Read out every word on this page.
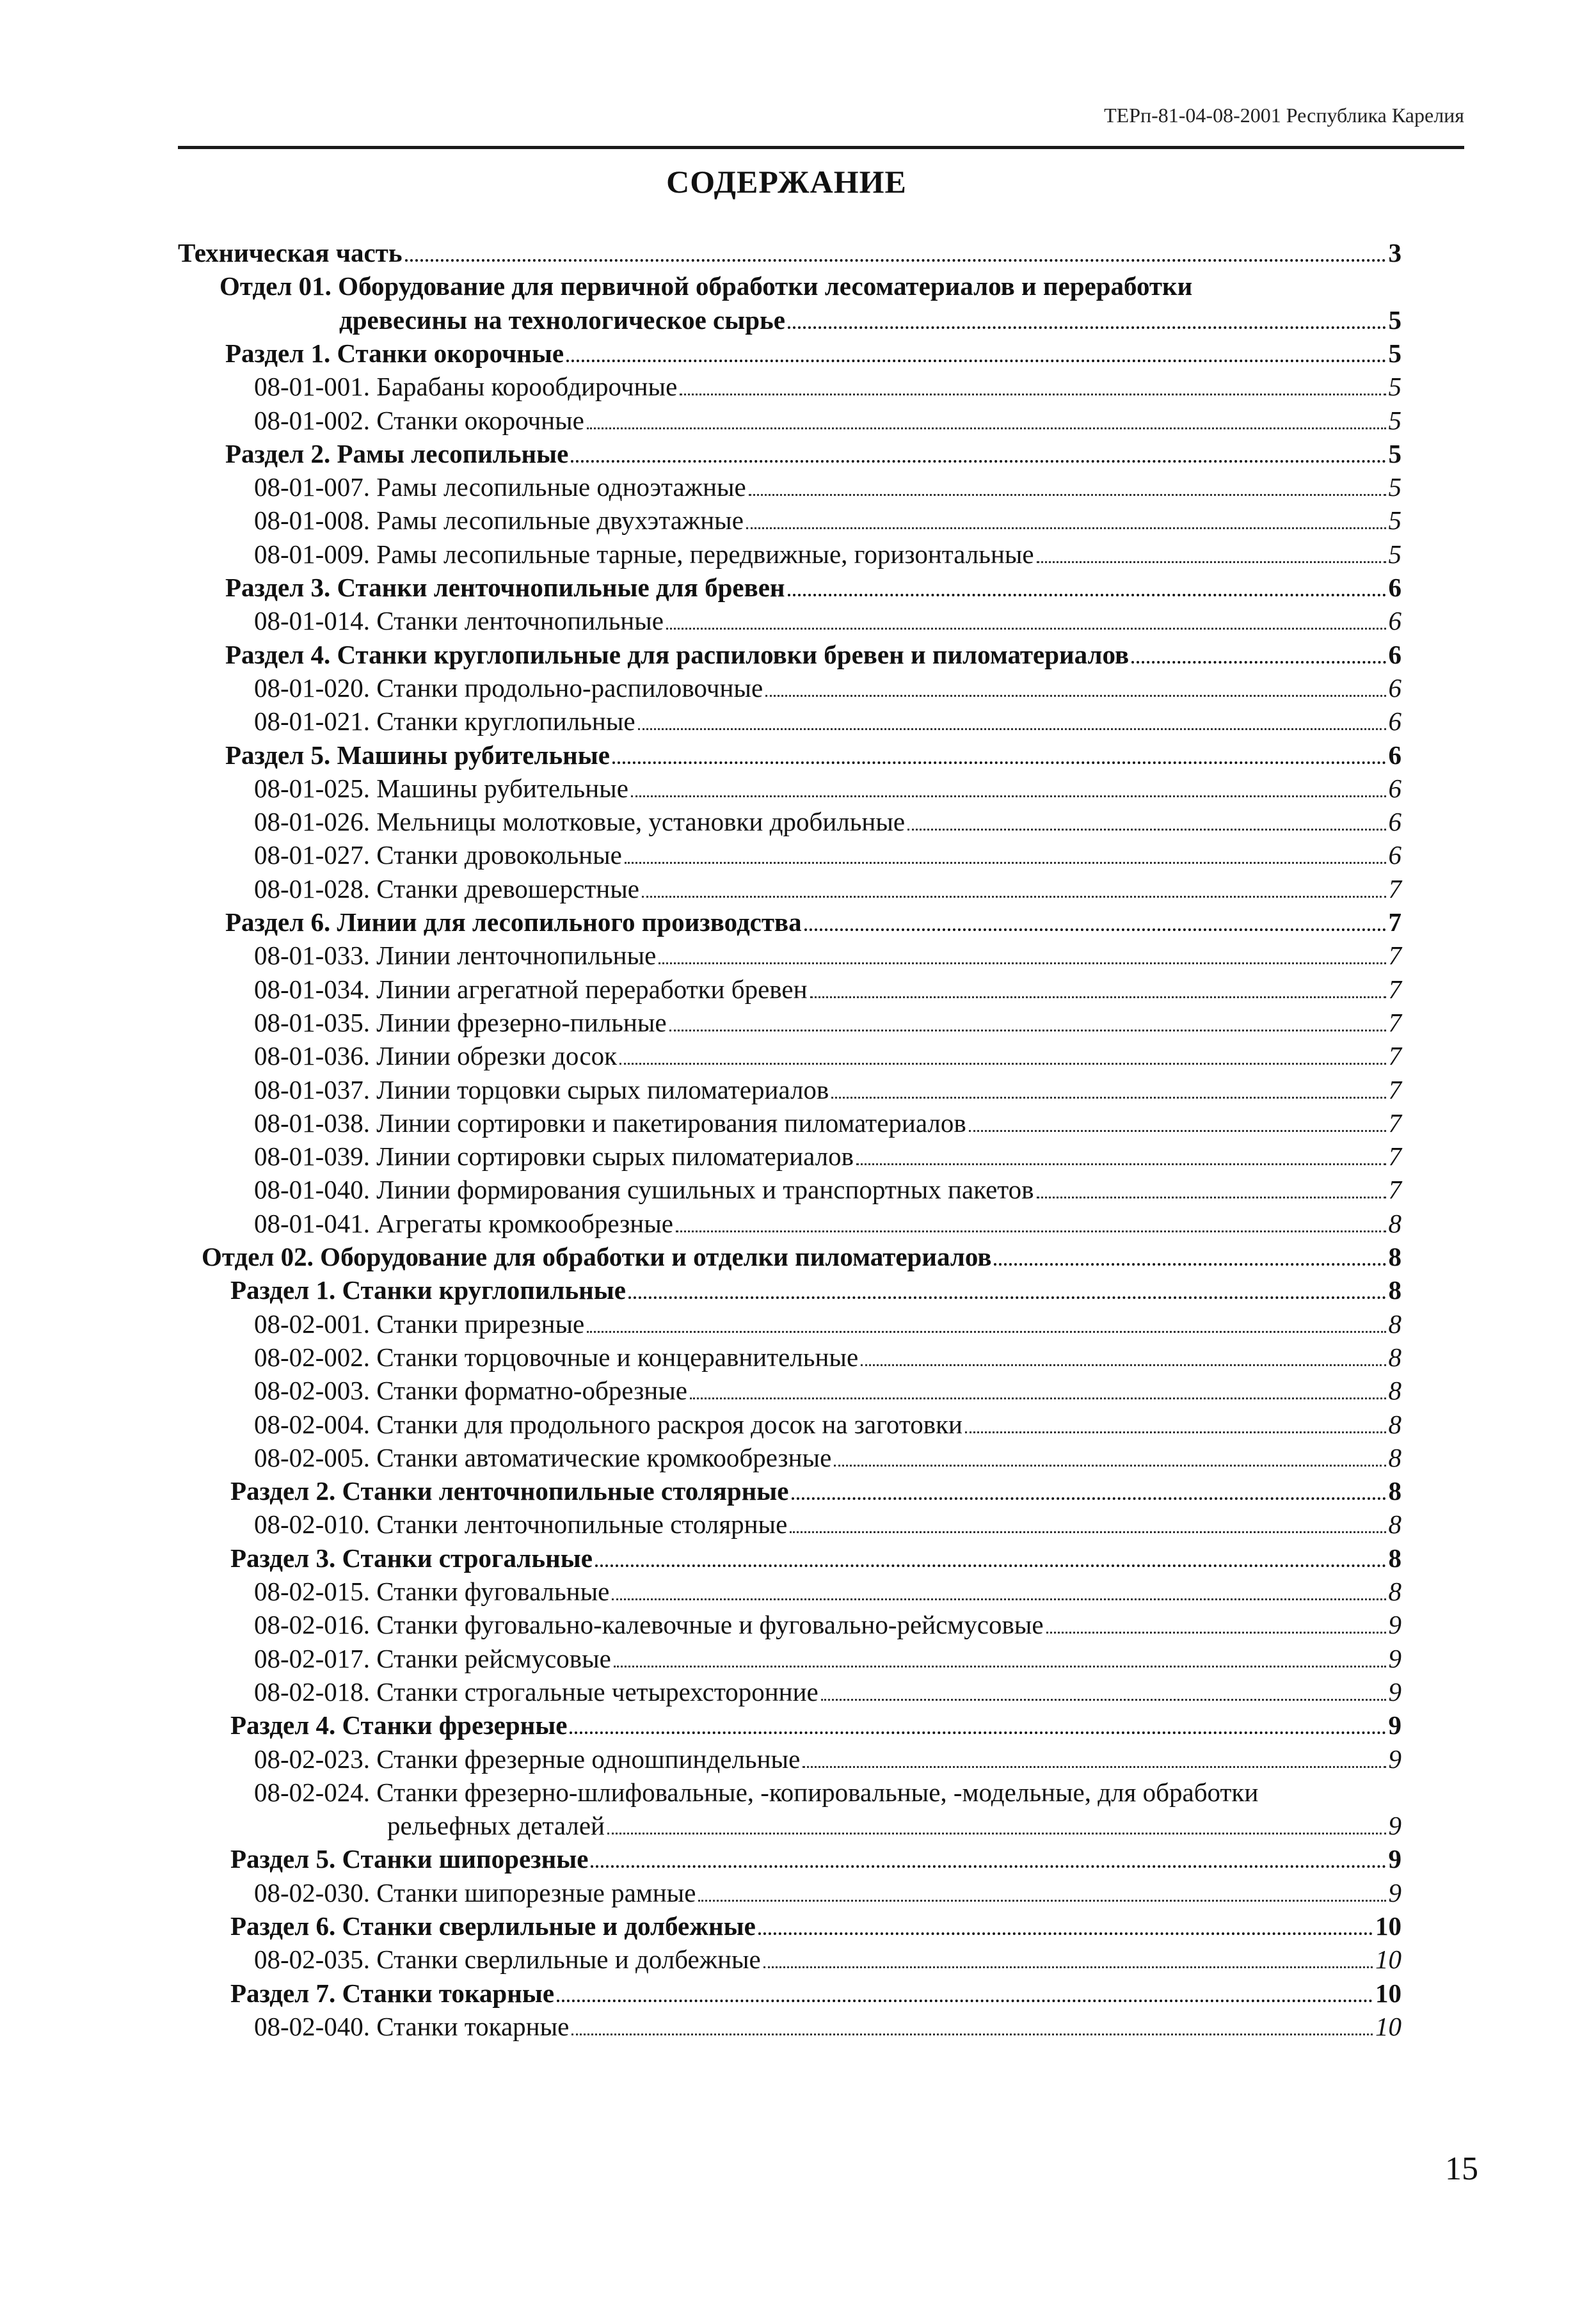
ТЕРп-81-04-08-2001 Республика Карелия
СОДЕРЖАНИЕ
Техническая часть	3
Отдел 01. Оборудование для первичной обработки лесоматериалов и переработки
древесины на технологическое сырье	5
Раздел 1. Станки окорочные	5
08-01-001. Барабаны корообдирочные	5
08-01-002. Станки окорочные	5
Раздел 2. Рамы лесопильные	5
08-01-007. Рамы лесопильные одноэтажные	5
08-01-008. Рамы лесопильные двухэтажные	5
08-01-009. Рамы лесопильные тарные, передвижные, горизонтальные	5
Раздел 3. Станки ленточнопильные для бревен	6
08-01-014. Станки ленточнопильные	6
Раздел 4. Станки круглопильные для распиловки бревен и пиломатериалов	6
08-01-020. Станки продольно-распиловочные	6
08-01-021. Станки круглопильные	6
Раздел 5. Машины рубительные	6
08-01-025. Машины рубительные	6
08-01-026. Мельницы молотковые, установки дробильные	6
08-01-027. Станки дровокольные	6
08-01-028. Станки древошерстные	7
Раздел 6. Линии для лесопильного производства	7
08-01-033. Линии ленточнопильные	7
08-01-034. Линии агрегатной переработки бревен	7
08-01-035. Линии фрезерно-пильные	7
08-01-036. Линии обрезки досок	7
08-01-037. Линии торцовки сырых пиломатериалов	7
08-01-038. Линии сортировки и пакетирования пиломатериалов	7
08-01-039. Линии сортировки сырых пиломатериалов	7
08-01-040. Линии формирования сушильных и транспортных пакетов	7
08-01-041. Агрегаты кромкообрезные	8
Отдел 02. Оборудование для обработки и отделки пиломатериалов	8
Раздел 1. Станки круглопильные	8
08-02-001. Станки прирезные	8
08-02-002. Станки торцовочные и концеравнительные	8
08-02-003. Станки форматно-обрезные	8
08-02-004. Станки для продольного раскроя досок на заготовки	8
08-02-005. Станки автоматические кромкообрезные	8
Раздел 2. Станки ленточнопильные столярные	8
08-02-010. Станки ленточнопильные столярные	8
Раздел 3. Станки строгальные	8
08-02-015. Станки фуговальные	8
08-02-016. Станки фуговально-калевочные и фуговально-рейсмусовые	9
08-02-017. Станки рейсмусовые	9
08-02-018. Станки строгальные четырехсторонние	9
Раздел 4. Станки фрезерные	9
08-02-023. Станки фрезерные одношпиндельные	9
08-02-024. Станки фрезерно-шлифовальные, -копировальные, -модельные, для обработки
рельефных деталей	9
Раздел 5. Станки шипорезные	9
08-02-030. Станки шипорезные рамные	9
Раздел 6. Станки сверлильные и долбежные	10
08-02-035. Станки сверлильные и долбежные	10
Раздел 7. Станки токарные	10
08-02-040. Станки токарные	10
15
